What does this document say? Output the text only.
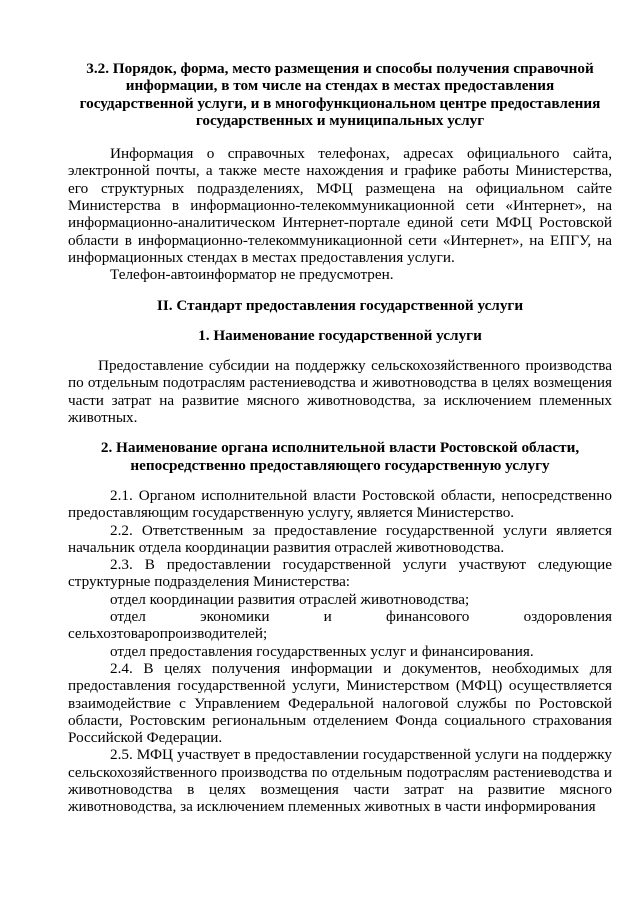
3.2. Порядок, форма, место размещения и способы получения справочной информации, в том числе на стендах в местах предоставления государственной услуги, и в многофункциональном центре предоставления государственных и муниципальных услуг

Информация о справочных телефонах, адресах официального сайта, электронной почты, а также месте нахождения и графике работы Министерства, его структурных подразделениях, МФЦ размещена на официальном сайте Министерства в информационно-телекоммуникационной сети «Интернет», на информационно-аналитическом Интернет-портале единой сети МФЦ Ростовской области в информационно-телекоммуникационной сети «Интернет», на ЕПГУ, на информационных стендах в местах предоставления услуги.

Телефон-автоинформатор не предусмотрен.

II. Стандарт предоставления государственной услуги

1. Наименование государственной услуги

Предоставление субсидии на поддержку сельскохозяйственного производства по отдельным подотраслям растениеводства и животноводства в целях возмещения части затрат на развитие мясного животноводства, за исключением племенных животных.

2. Наименование органа исполнительной власти Ростовской области, непосредственно предоставляющего государственную услугу

2.1. Органом исполнительной власти Ростовской области, непосредственно предоставляющим государственную услугу, является Министерство.

2.2. Ответственным за предоставление государственной услуги является начальник отдела координации развития отраслей животноводства.

2.3. В предоставлении государственной услуги участвуют следующие структурные подразделения Министерства:

отдел координации развития отраслей животноводства;

отдел	экономики	и	финансового	оздоровления

сельхозтоваропроизводителей;

отдел предоставления государственных услуг и финансирования.

2.4. В целях получения информации и документов, необходимых для предоставления государственной услуги, Министерством (МФЦ) осуществляется взаимодействие с Управлением Федеральной налоговой службы по Ростовской области, Ростовским региональным отделением Фонда социального страхования Российской Федерации.

2.5. МФЦ участвует в предоставлении государственной услуги на поддержку сельскохозяйственного производства по отдельным подотраслям растениеводства и животноводства в целях возмещения части затрат на развитие мясного животноводства, за исключением племенных животных в части информирования
